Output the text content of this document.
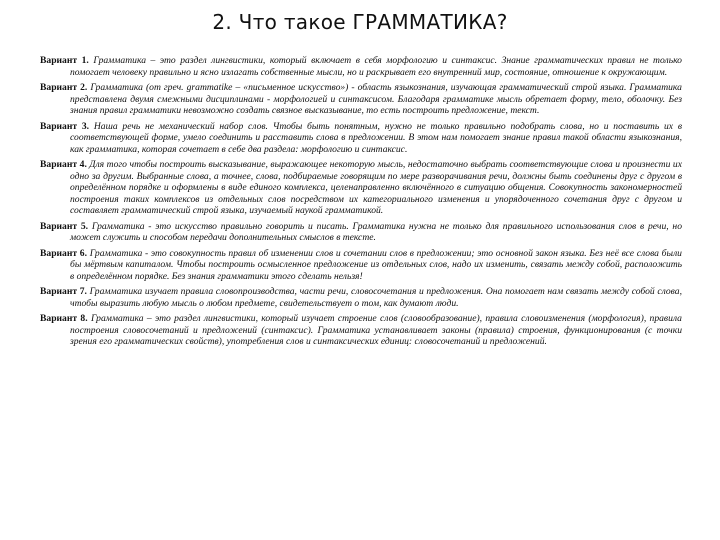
2. Что такое ГРАММАТИКА?

Вариант 1. Грамматика – это раздел лингвистики, который включает в себя морфологию и синтаксис. Знание грамматических правил не только помогает человеку правильно и ясно излагать собственные мысли, но и раскрывает его внутренний мир, состояние, отношение к окружающим.

Вариант 2. Грамматика (от греч. grammatike – «письменное искусство») - область языкознания, изучающая грамматический строй языка. Грамматика представлена двумя смежными дисциплинами - морфологией и синтаксисом. Благодаря грамматике мысль обретает форму, тело, оболочку. Без знания правил грамматики невозможно создать связное высказывание, то есть построить предложение, текст.

Вариант 3. Наша речь не механический набор слов. Чтобы быть понятным, нужно не только правильно подобрать слова, но и поставить их в соответствующей форме, умело соединить и расставить слова в предложении. В этом нам помогает знание правил такой области языкознания, как грамматика, которая сочетает в себе два раздела: морфологию и синтаксис.

Вариант 4. Для того чтобы построить высказывание, выражающее некоторую мысль, недостаточно выбрать соответствующие слова и произнести их одно за другим. Выбранные слова, а точнее, слова, подбираемые говорящим по мере разворачивания речи, должны быть соединены друг с другом в определённом порядке и оформлены в виде единого комплекса, целенаправленно включённого в ситуацию общения. Совокупность закономерностей построения таких комплексов из отдельных слов посредством их категориального изменения и упорядоченного сочетания друг с другом и составляет грамматический строй языка, изучаемый наукой грамматикой.

Вариант 5. Грамматика - это искусство правильно говорить и писать. Грамматика нужна не только для правильного использования слов в речи, но может служить и способом передачи дополнительных смыслов в тексте.

Вариант 6. Грамматика - это совокупность правил об изменении слов и сочетании слов в предложении; это основной закон языка. Без неё все слова были бы мёртвым капиталом. Чтобы построить осмысленное предложение из отдельных слов, надо их изменить, связать между собой, расположить в определённом порядке. Без знания грамматики этого сделать нельзя!

Вариант 7. Грамматика изучает правила словопроизводства, части речи, словосочетания и предложения. Она помогает нам связать между собой слова, чтобы выразить любую мысль о любом предмете, свидетельствует о том, как думают люди.

Вариант 8. Грамматика – это раздел лингвистики, который изучает строение слов (словообразование), правила словоизменения (морфология), правила построения словосочетаний и предложений (синтаксис). Грамматика устанавливает законы (правила) строения, функционирования (с точки зрения его грамматических свойств), употребления слов и синтаксических единиц: словосочетаний и предложений.
